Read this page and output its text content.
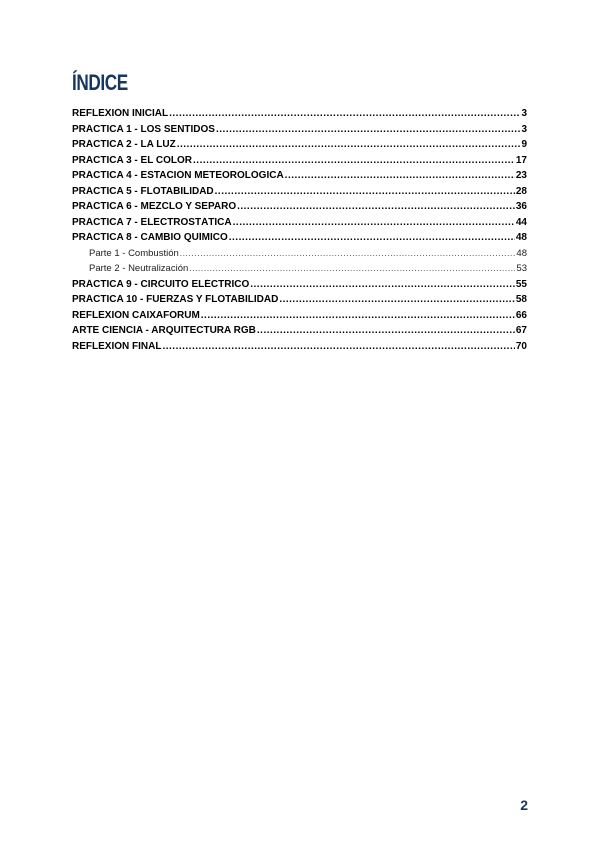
ÍNDICE
REFLEXIÓN INICIAL .....	3
PRÁCTICA 1 - LOS SENTIDOS .....	3
PRÁCTICA 2 - LA LUZ .....	9
PRÁCTICA 3 - EL COLOR .....	17
PRÁCTICA 4 - ESTACIÓN METEOROLÓGICA .....	23
PRÁCTICA 5 - FLOTABILIDAD .....	28
PRÁCTICA 6 - MEZCLO Y SEPARO .....	36
PRÁCTICA 7 - ELECTROSTÁTICA .....	44
PRÁCTICA 8 - CAMBIO QUÍMICO .....	48
Parte 1 - Combustión .....	48
Parte 2 - Neutralización .....	53
PRÁCTICA 9 - CIRCUITO ELÉCTRICO .....	55
PRÁCTICA 10 - FUERZAS Y FLOTABILIDAD .....	58
REFLEXIÓN CAIXAFORUM .....	66
ARTE CIENCIA - ARQUITECTURA RGB .....	67
REFLEXIÓN FINAL .....	70
2
